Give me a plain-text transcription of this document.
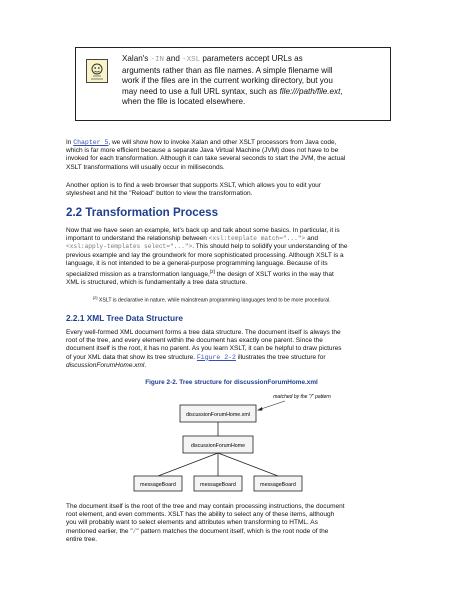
Xalan's -IN and -XSL parameters accept URLs as
arguments rather than as file names. A simple filename will
work if the files are in the current working directory, but you
may need to use a full URL syntax, such as file:///path/file.ext,
when the file is located elsewhere.
In Chapter 5, we will show how to invoke Xalan and other XSLT processors from Java code,
which is far more efficient because a separate Java Virtual Machine (JVM) does not have to be
invoked for each transformation. Although it can take several seconds to start the JVM, the actual
XSLT transformations will usually occur in milliseconds.
Another option is to find a web browser that supports XSLT, which allows you to edit your
stylesheet and hit the "Reload" button to view the transformation.
2.2 Transformation Process
Now that we have seen an example, let's back up and talk about some basics. In particular, it is
important to understand the relationship between <xsl:template match="..."> and
<xsl:apply-templates select="...">. This should help to solidify your understanding of the
previous example and lay the groundwork for more sophisticated processing. Although XSLT is a
language, it is not intended to be a general-purpose programming language. Because of its
specialized mission as a transformation language,[2] the design of XSLT works in the way that
XML is structured, which is fundamentally a tree data structure.
[2] XSLT is declarative in nature, while mainstream programming languages tend to be more procedural.
2.2.1 XML Tree Data Structure
Every well-formed XML document forms a tree data structure. The document itself is always the
root of the tree, and every element within the document has exactly one parent. Since the
document itself is the root, it has no parent. As you learn XSLT, it can be helpful to draw pictures
of your XML data that show its tree structure. Figure 2-2 illustrates the tree structure for
discussionForumHome.xml.
Figure 2-2. Tree structure for discussionForumHome.xml
discussionForumHome.xml
matched by the "/" pattern
discussionForumHome
messageBoard	messageBoard	messageBoard
The document itself is the root of the tree and may contain processing instructions, the document
root element, and even comments. XSLT has the ability to select any of these items, although
you will probably want to select elements and attributes when transforming to HTML. As
mentioned earlier, the "/" pattern matches the document itself, which is the root node of the
entire tree.
